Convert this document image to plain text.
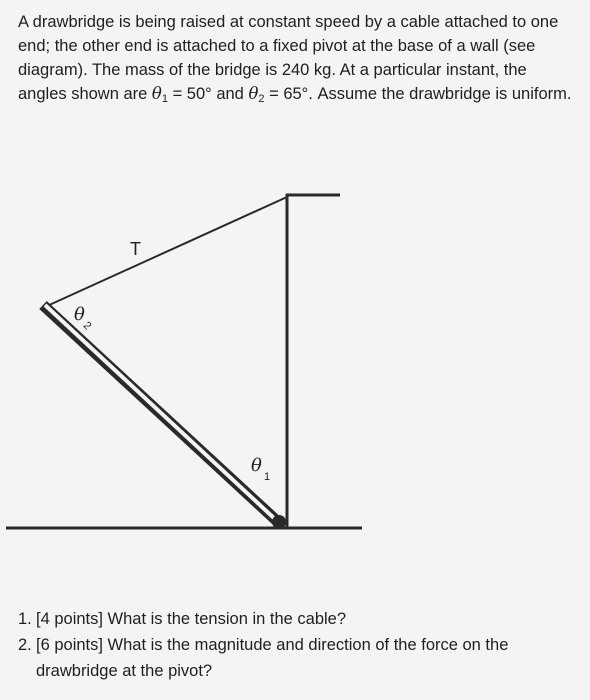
A drawbridge is being raised at constant speed by a cable attached to one end; the other end is attached to a fixed pivot at the base of a wall (see diagram). The mass of the bridge is 240 kg. At a particular instant, the angles shown are $\theta_1 = 50^\circ$ and $\theta_2 = 65^\circ$. Assume the drawbridge is uniform.
T
θ
2
θ
1
1. [4 points] What is the tension in the cable?
2. [6 points] What is the magnitude and direction of the force on the drawbridge at the pivot?
